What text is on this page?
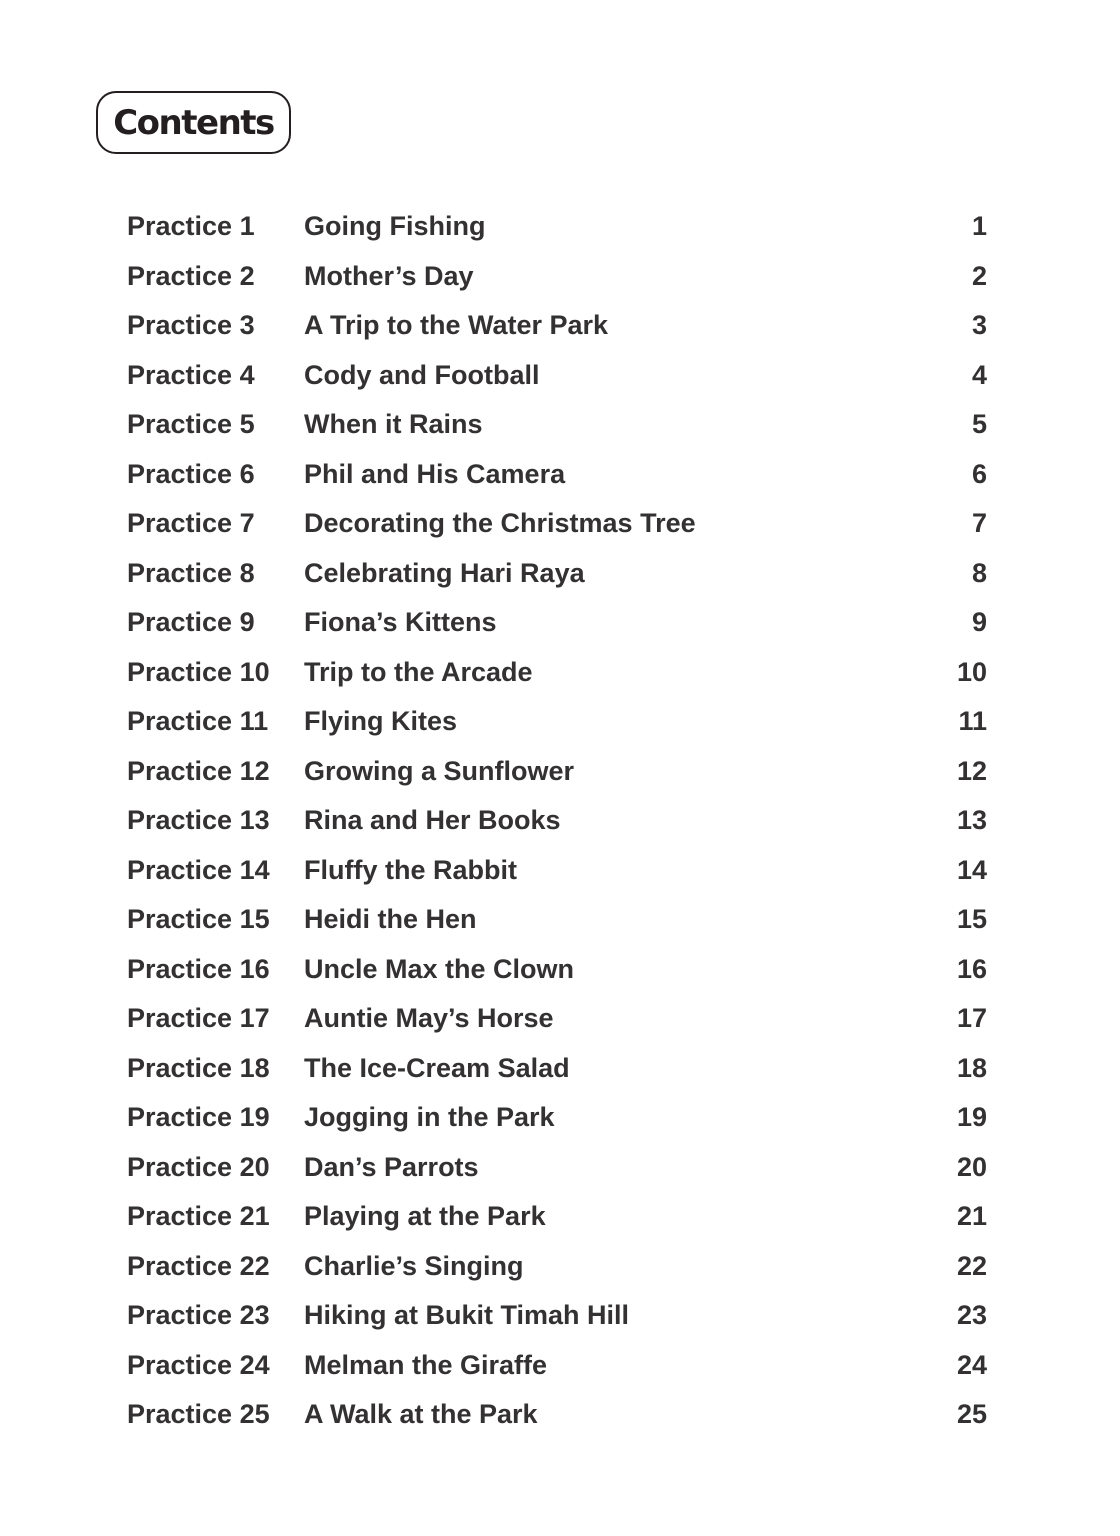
Contents
Practice 1	Going Fishing	1
Practice 2	Mother’s Day	2
Practice 3	A Trip to the Water Park	3
Practice 4	Cody and Football	4
Practice 5	When it Rains	5
Practice 6	Phil and His Camera	6
Practice 7	Decorating the Christmas Tree	7
Practice 8	Celebrating Hari Raya	8
Practice 9	Fiona’s Kittens	9
Practice 10	Trip to the Arcade	10
Practice 11	Flying Kites	11
Practice 12	Growing a Sunflower	12
Practice 13	Rina and Her Books	13
Practice 14	Fluffy the Rabbit	14
Practice 15	Heidi the Hen	15
Practice 16	Uncle Max the Clown	16
Practice 17	Auntie May’s Horse	17
Practice 18	The Ice-Cream Salad	18
Practice 19	Jogging in the Park	19
Practice 20	Dan’s Parrots	20
Practice 21	Playing at the Park	21
Practice 22	Charlie’s Singing	22
Practice 23	Hiking at Bukit Timah Hill	23
Practice 24	Melman the Giraffe	24
Practice 25	A Walk at the Park	25
